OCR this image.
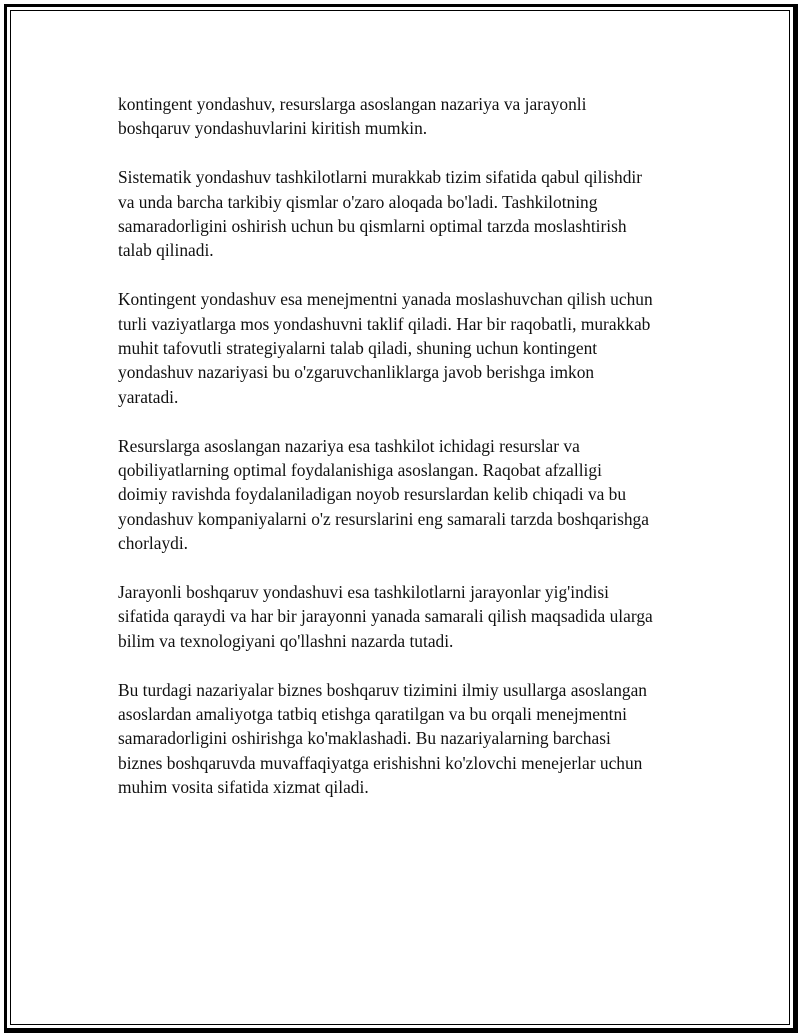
kontingent yondashuv, resurslarga asoslangan nazariya va jarayonli
boshqaruv yondashuvlarini kiritish mumkin.

Sistematik yondashuv tashkilotlarni murakkab tizim sifatida qabul qilishdir
va unda barcha tarkibiy qismlar o'zaro aloqada bo'ladi. Tashkilotning
samaradorligini oshirish uchun bu qismlarni optimal tarzda moslashtirish
talab qilinadi.

Kontingent yondashuv esa menejmentni yanada moslashuvchan qilish uchun
turli vaziyatlarga mos yondashuvni taklif qiladi. Har bir raqobatli, murakkab
muhit tafovutli strategiyalarni talab qiladi, shuning uchun kontingent
yondashuv nazariyasi bu o'zgaruvchanliklarga javob berishga imkon
yaratadi.

Resurslarga asoslangan nazariya esa tashkilot ichidagi resurslar va
qobiliyatlarning optimal foydalanishiga asoslangan. Raqobat afzalligi
doimiy ravishda foydalaniladigan noyob resurslardan kelib chiqadi va bu
yondashuv kompaniyalarni o'z resurslarini eng samarali tarzda boshqarishga
chorlaydi.

Jarayonli boshqaruv yondashuvi esa tashkilotlarni jarayonlar yig'indisi
sifatida qaraydi va har bir jarayonni yanada samarali qilish maqsadida ularga
bilim va texnologiyani qo'llashni nazarda tutadi.

Bu turdagi nazariyalar biznes boshqaruv tizimini ilmiy usullarga asoslangan
asoslardan amaliyotga tatbiq etishga qaratilgan va bu orqali menejmentni
samaradorligini oshirishga ko'maklashadi. Bu nazariyalarning barchasi
biznes boshqaruvda muvaffaqiyatga erishishni ko'zlovchi menejerlar uchun
muhim vosita sifatida xizmat qiladi.
